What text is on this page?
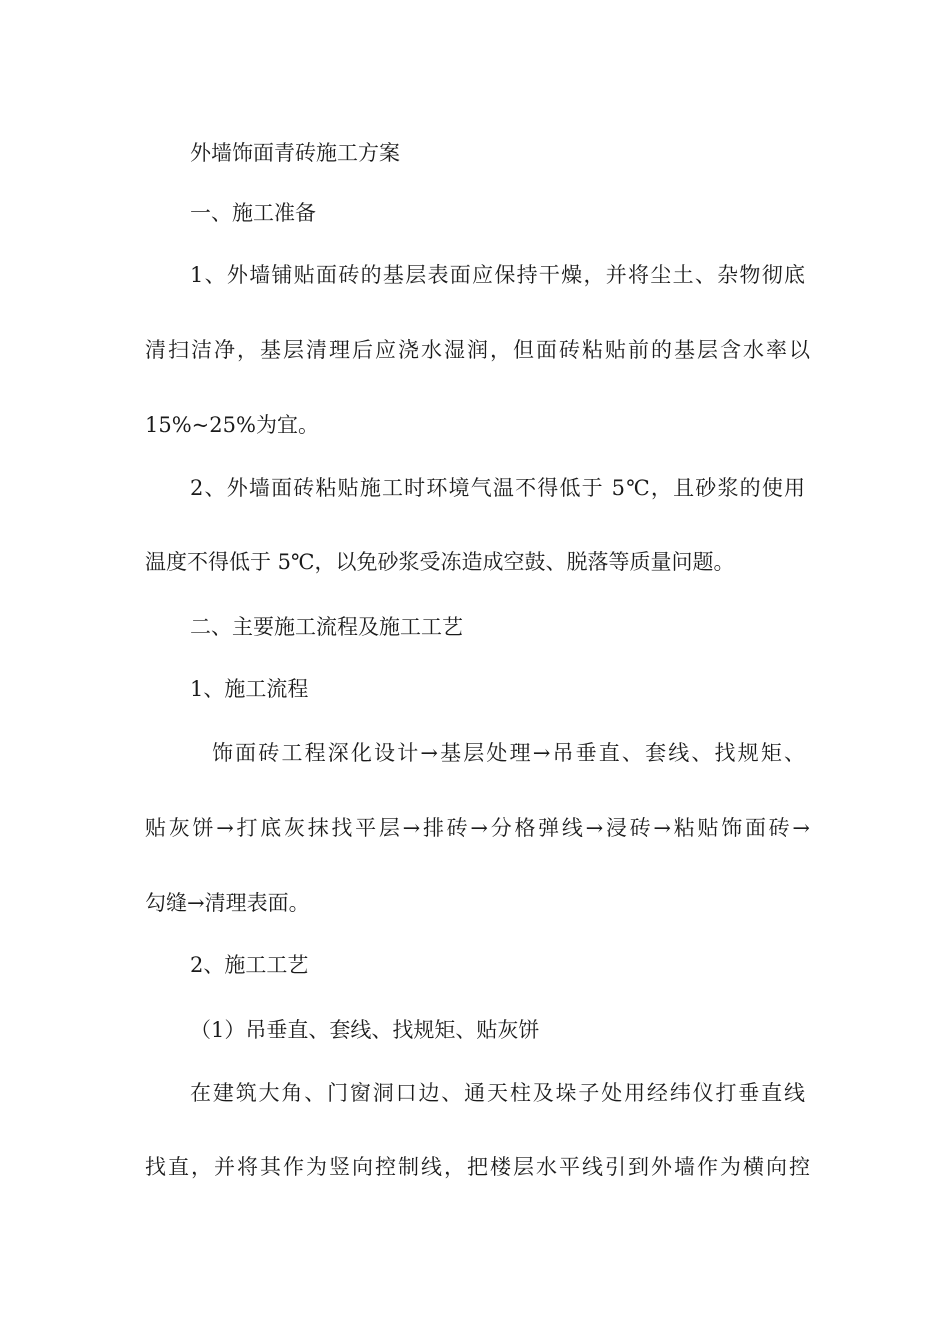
外墙饰面青砖施工方案
一、施工准备
1、外墙铺贴面砖的基层表面应保持干燥，并将尘土、杂物彻底
清扫洁净，基层清理后应浇水湿润，但面砖粘贴前的基层含水率以
15%~25%为宜。
2、外墙面砖粘贴施工时环境气温不得低于 5℃，且砂浆的使用
温度不得低于 5℃，以免砂浆受冻造成空鼓、脱落等质量问题。
二、主要施工流程及施工工艺
1、施工流程
饰面砖工程深化设计→基层处理→吊垂直、套线、找规矩、
贴灰饼→打底灰抹找平层→排砖→分格弹线→浸砖→粘贴饰面砖→
勾缝→清理表面。
2、施工工艺
（1）吊垂直、套线、找规矩、贴灰饼
在建筑大角、门窗洞口边、通天柱及垛子处用经纬仪打垂直线
找直，并将其作为竖向控制线，把楼层水平线引到外墙作为横向控
